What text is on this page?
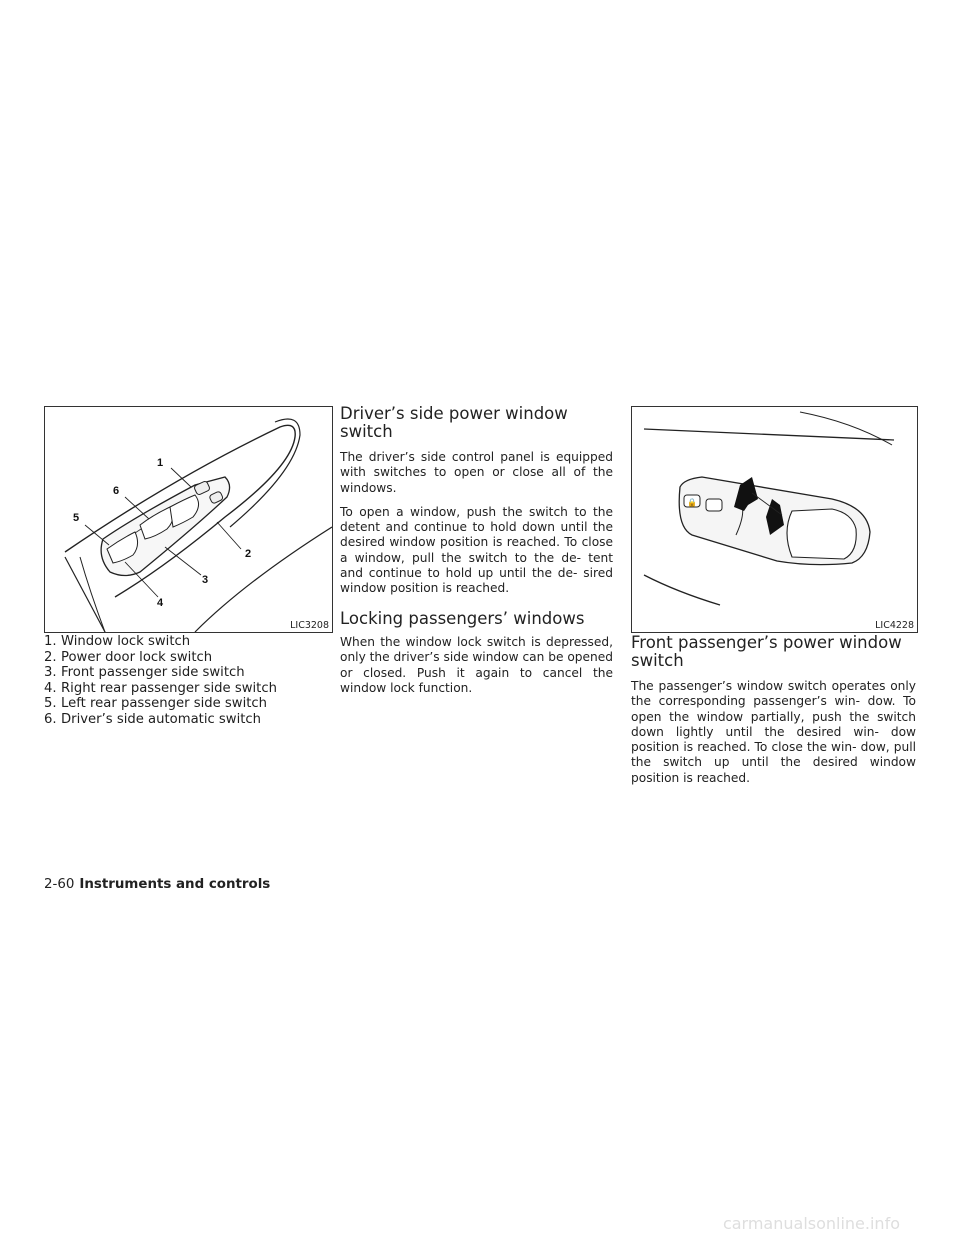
1
2
3
4
5
6
LIC3208
🔒
LIC4228
1. Window lock switch
2. Power door lock switch
3. Front passenger side switch
4. Right rear passenger side switch
5. Left rear passenger side switch
6. Driver’s side automatic switch
Driver’s side power window switch

The driver’s side control panel is equipped with switches to open or close all of the windows.

To open a window, push the switch to the detent and continue to hold down until the desired window position is reached. To close a window, pull the switch to the de- tent and continue to hold up until the de- sired window position is reached.

Locking passengers’ windows

When the window lock switch is depressed, only the driver’s side window can be opened or closed. Push it again to cancel the window lock function.

Front passenger’s power window switch

The passenger’s window switch operates only the corresponding passenger’s win- dow. To open the window partially, push the switch down lightly until the desired win- dow position is reached. To close the win- dow, pull the switch up until the desired window position is reached.

2-60 Instruments and controls
carmanualsonline.info
